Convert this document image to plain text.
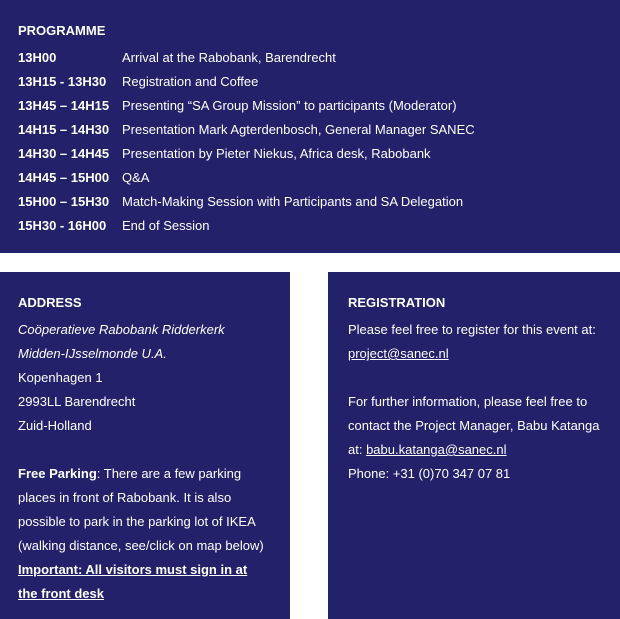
PROGRAMME
13H00	Arrival at the Rabobank, Barendrecht
13H15 - 13H30 Registration and Coffee
13H45 – 14H15 Presenting “SA Group Mission” to participants (Moderator)
14H15 – 14H30 Presentation Mark Agterdenbosch, General Manager SANEC
14H30 – 14H45 Presentation by Pieter Niekus, Africa desk, Rabobank
14H45 – 15H00 Q&A
15H00 – 15H30 Match-Making Session with Participants and SA Delegation
15H30 - 16H00 End of Session
ADDRESS
Coöperatieve Rabobank Ridderkerk
Midden-IJsselmonde U.A.
Kopenhagen 1
2993LL Barendrecht
Zuid-Holland
Free Parking: There are a few parking
places in front of Rabobank. It is also
possible to park in the parking lot of IKEA
(walking distance, see/click on map below)
Important: All visitors must sign in at
the front desk
REGISTRATION
Please feel free to register for this event at:
project@sanec.nl
For further information, please feel free to
contact the Project Manager, Babu Katanga
at: babu.katanga@sanec.nl
Phone: +31 (0)70 347 07 81
